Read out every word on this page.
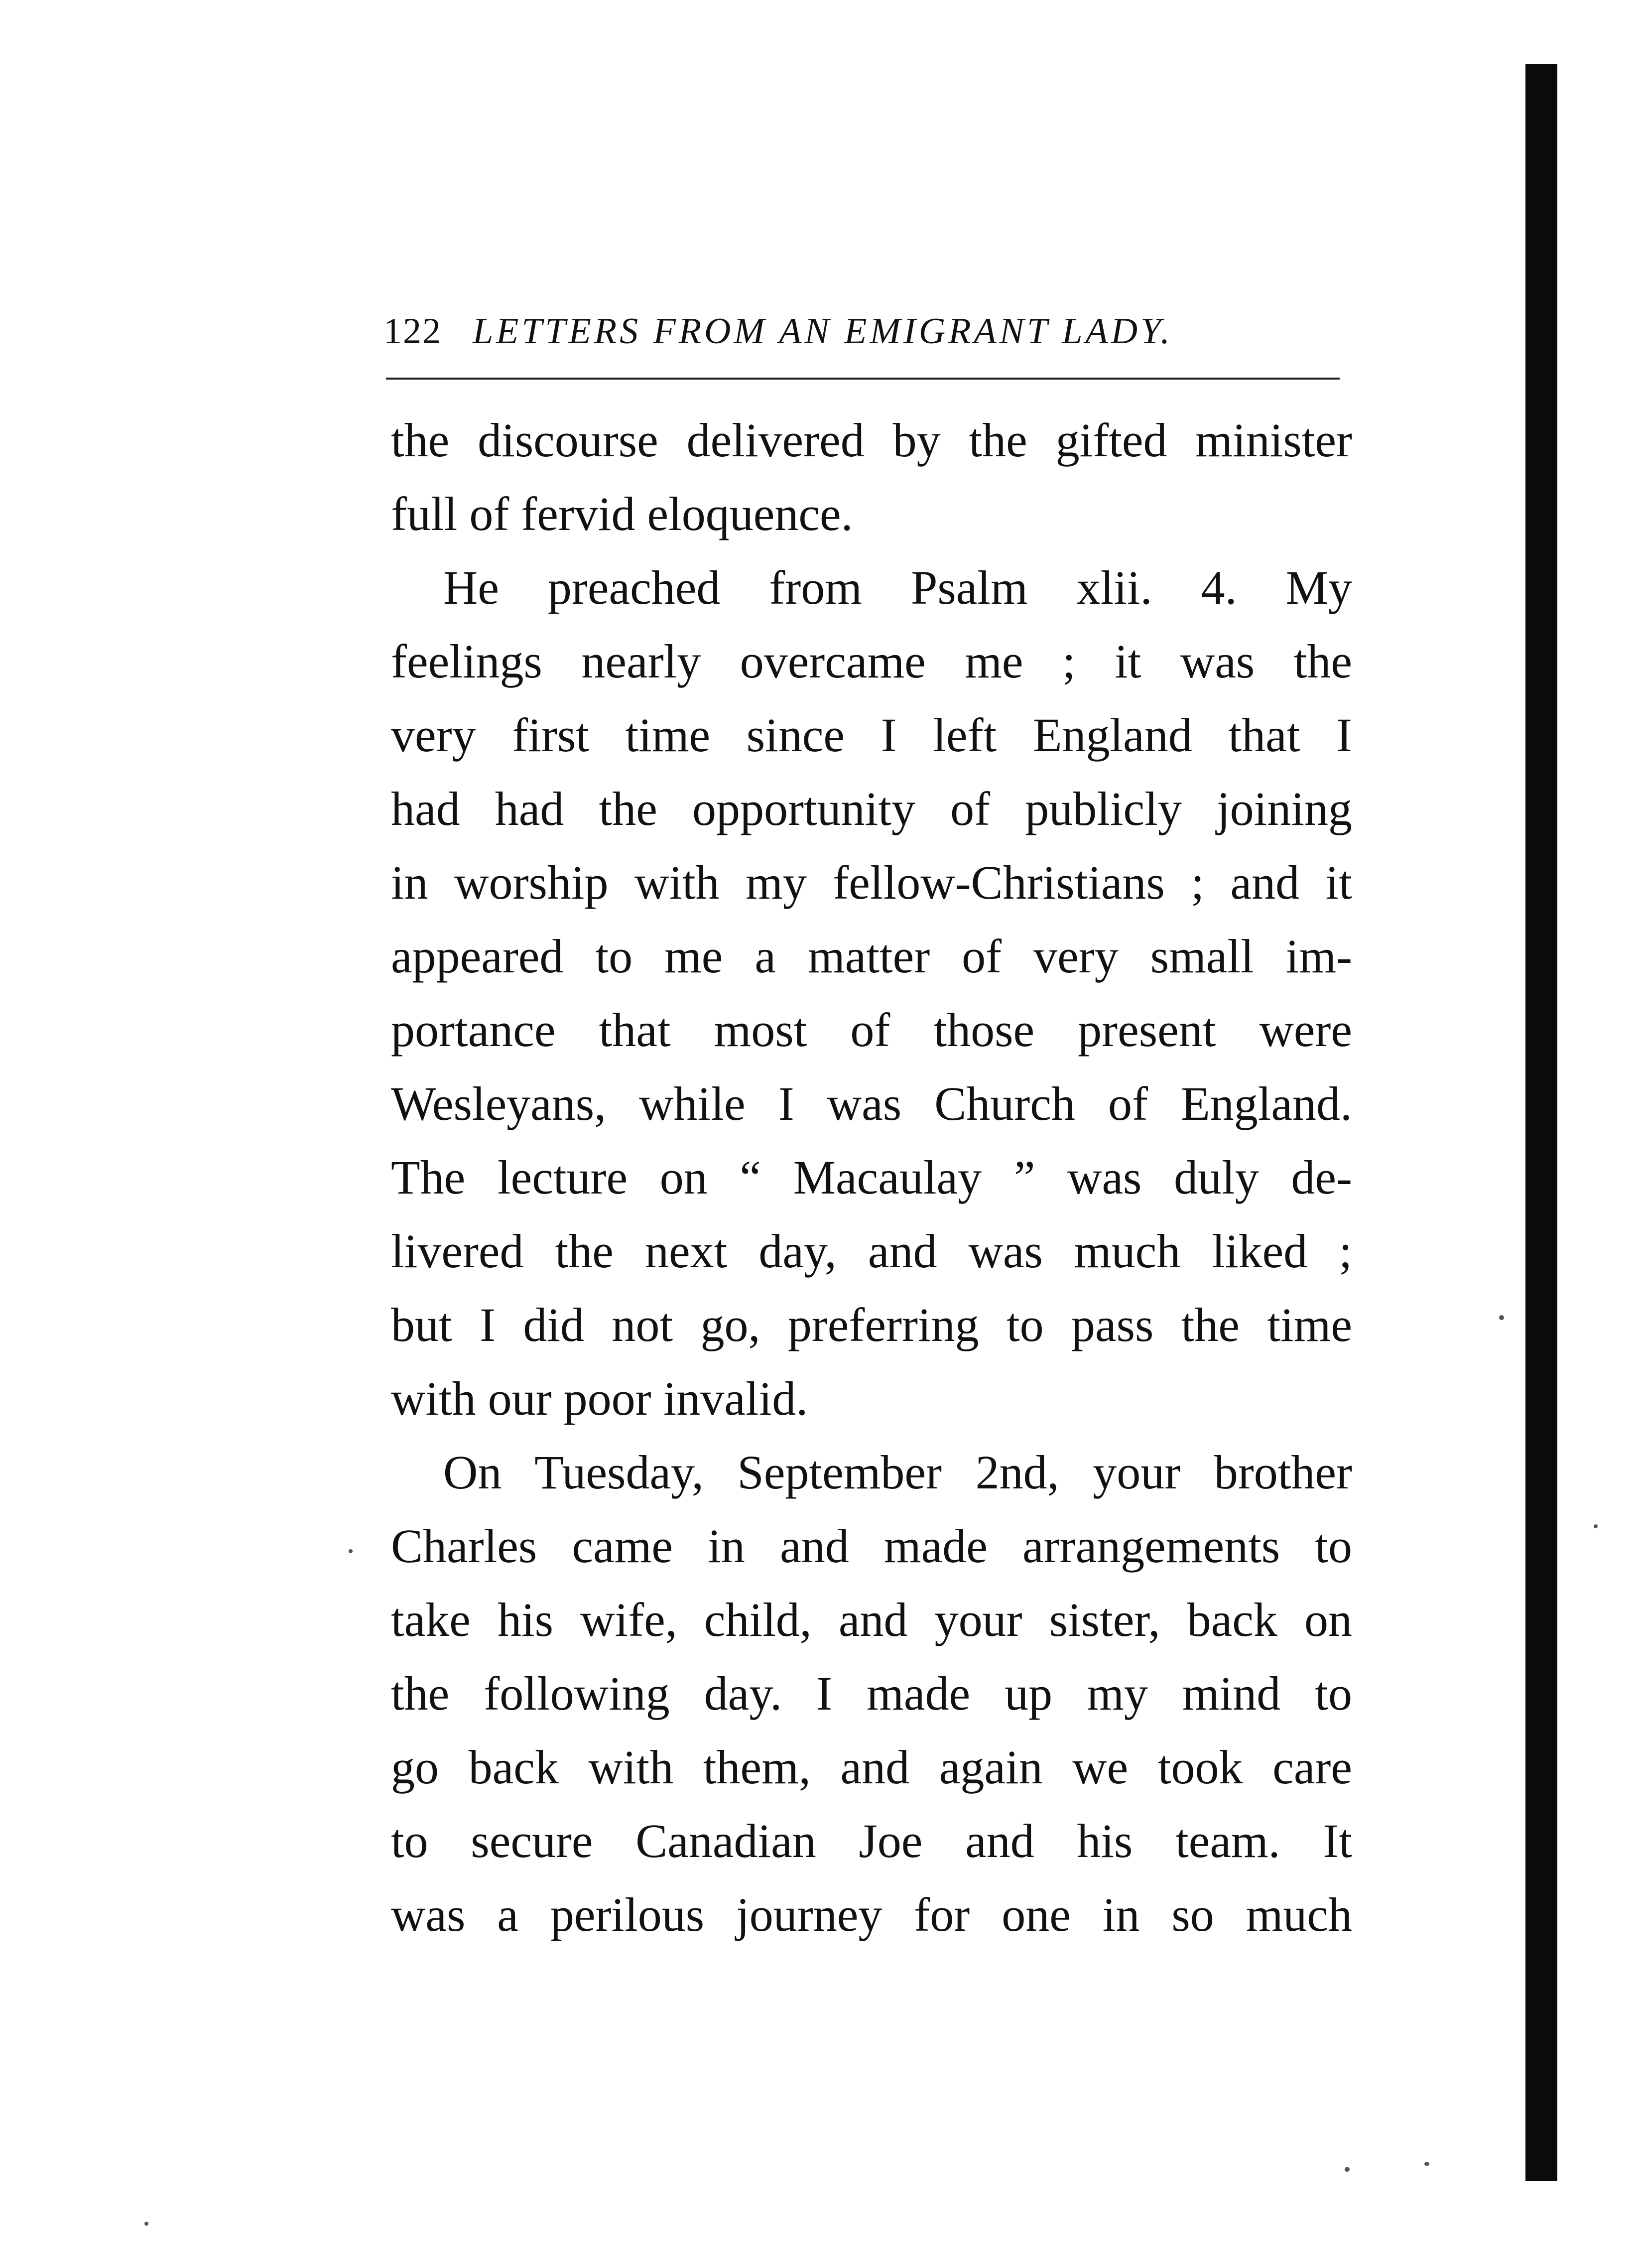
122 LETTERS FROM AN EMIGRANT LADY.
the discourse delivered by the gifted minister
full of fervid eloquence.
He preached from Psalm xlii. 4. My
feelings nearly overcame me ; it was the
very first time since I left England that I
had had the opportunity of publicly joining
in worship with my fellow-Christians ; and it
appeared to me a matter of very small im-
portance that most of those present were
Wesleyans, while I was Church of England.
The lecture on “ Macaulay ” was duly de-
livered the next day, and was much liked ;
but I did not go, preferring to pass the time
with our poor invalid.
On Tuesday, September 2nd, your brother
Charles came in and made arrangements to
take his wife, child, and your sister, back on
the following day. I made up my mind to
go back with them, and again we took care
to secure Canadian Joe and his team. It
was a perilous journey for one in so much
